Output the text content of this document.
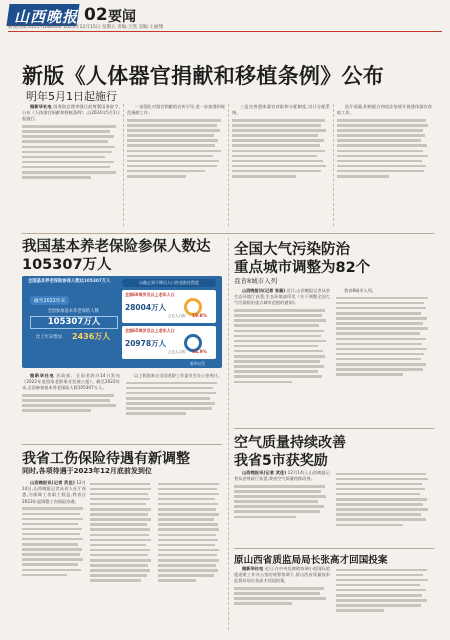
山西晚报 02 要闻
新闻热线:0351-4286666 2023年12月15日 星期五 责编:王凯 美编:王丽翔
新版《人体器官捐献和移植条例》公布
明年5月1日起施行

据新华社电 国务院总理李强日前签署国务院令,公布《人体器官捐献和移植条例》,自2024年5月1日起施行。

一是强化对器官捐献的宣传引导,进一步加强和规范捐献工作。

三是完善遗体器官获取和分配制度,设计分配系统。

医疗质量,积极配合和依法依规开展遗体器官获取工作。

我国基本养老保险参保人数达105307万人
全国基本养老保险参保人数达105307万人	以截止到下降后人口的老龄化程度
截至2022年末
全国参加基本养老保险人数
105307万人
比上年末增加 2436万人
全国60周岁及以上老年人口
28004万人
占总人口的 19.8%
全国65周岁及以上老年人口
20978万人
占总人口的 14.9%
新华社发

据新华社电 民政部、全国老龄办14日发布《2022年度国家老龄事业发展公报》。截至2022年末,全国参加基本养老保险人数105307万人。

以上数据来自全国老龄工作委员会办公室统计。

全国大气污染防治
重点城市调整为82个
我省8城市入列

山西晚报讯(记者 张磊) 近日,山西晚报记者从省生态环境厅获悉,生态环境部印发《关于调整全国大气污染防治重点城市范围的通知》。

我省8城市入列。

我省工伤保险待遇有新调整
同时,各项待遇于2023年12月底前发到位

山西晚报讯(记者 武佳) 12月14日,山西晚报记者从省人社厅获悉,为保障工伤职工权益,我省自2023年起调整工伤保险待遇。

空气质量持续改善
我省5市获奖励

山西晚报讯(记者 武佳) 12月14日,山西晚报记者从省财政厅获悉,我省空气质量持续改善。

原山西省质监局局长张高才回国投案

据新华社电 近日,在中央反腐败协调小组国际追逃追赃工作办公室的统筹协调下,原山西省质量技术监督局局长张高才回国投案。
